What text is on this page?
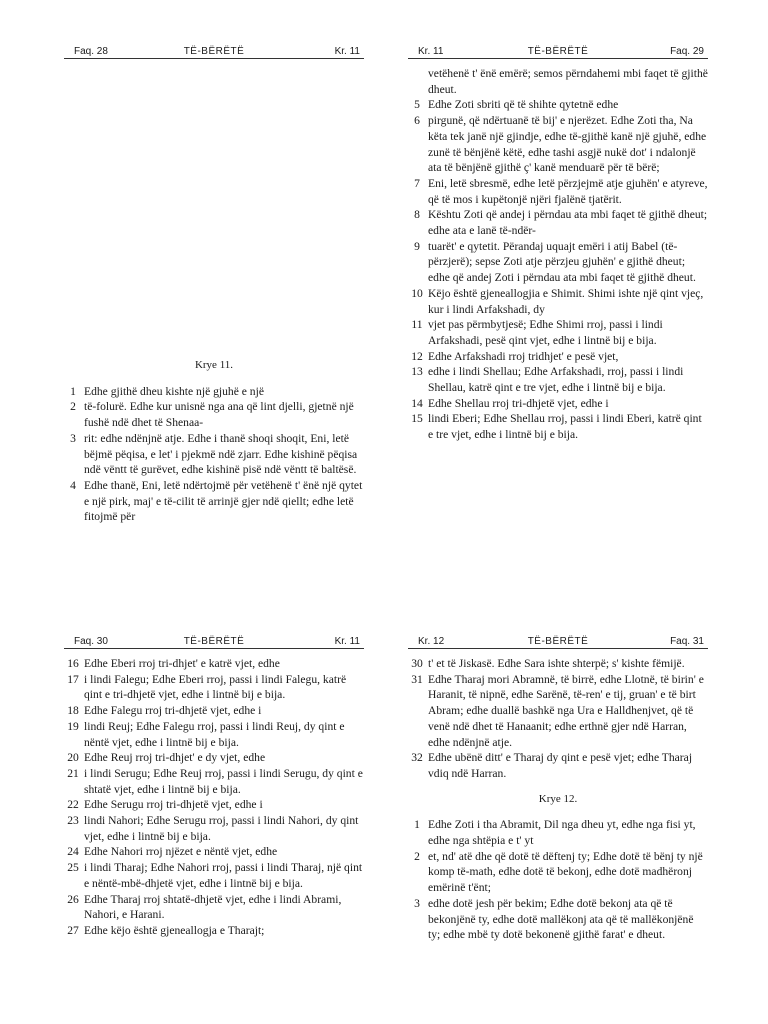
Faq. 28	TË-BËRËTË	Kr. 11
Krye 11.
1 Edhe gjithë dheu kishte një gjuhë e një
2 të-folurë. Edhe kur unisnë nga ana që lint djelli, gjetnë një fushë ndë dhet të Shenaa-
3 rit: edhe ndënjnë atje. Edhe i thanë shoqi shoqit, Eni, letë bëjmë pëqisa, e let' i pjekmë ndë zjarr. Edhe kishinë pëqisa ndë vëntt të gurëvet, edhe kishinë pisë ndë vëntt të baltësë.
4 Edhe thanë, Eni, letë ndërtojmë për vetëhenë t' ënë një qytet e një pirk, maj' e të-cilit të arrinjë gjer ndë qiellt; edhe letë fitojmë për
Kr. 11	TË-BËRËTË	Faq. 29
vetëhenë t' ënë emërë; semos përndahemi mbi faqet të gjithë dheut.
5 Edhe Zoti sbriti që të shihte qytetnë edhe
6 pirgunë, që ndërtuanë të bij' e njerëzet. Edhe Zoti tha, Na këta tek janë një gjindje, edhe të-gjithë kanë një gjuhë, edhe zunë të bënjënë këtë, edhe tashi asgjë nukë dot' i ndalonjë ata të bënjënë gjithë ç' kanë menduarë për të bërë;
7 Eni, letë sbresmë, edhe letë përzjejmë atje gjuhën' e atyreve, që të mos i kupëtonjë njëri fjalënë tjatërit.
8 Kështu Zoti që andej i përndau ata mbi faqet të gjithë dheut; edhe ata e lanë të-ndër-
9 tuarët' e qytetit. Përandaj uquajt emëri i atij Babel (të-përzjerë); sepse Zoti atje përzjeu gjuhën' e gjithë dheut; edhe që andej Zoti i përndau ata mbi faqet të gjithë dheut.
10 Këjo është gjeneallogjia e Shimit. Shimi ishte një qint vjeç, kur i lindi Arfakshadi, dy
11 vjet pas përmbytjesë; Edhe Shimi rroj, passi i lindi Arfakshadi, pesë qint vjet, edhe i lintnë bij e bija.
12 Edhe Arfakshadi rroj tridhjet' e pesë vjet,
13 edhe i lindi Shellau; Edhe Arfakshadi, rroj, passi i lindi Shellau, katrë qint e tre vjet, edhe i lintnë bij e bija.
14 Edhe Shellau rroj tri-dhjetë vjet, edhe i
15 lindi Eberi; Edhe Shellau rroj, passi i lindi Eberi, katrë qint e tre vjet, edhe i lintnë bij e bija.
Faq. 30	TË-BËRËTË	Kr. 11
16 Edhe Eberi rroj tri-dhjet' e katrë vjet, edhe
17 i lindi Falegu; Edhe Eberi rroj, passi i lindi Falegu, katrë qint e tri-dhjetë vjet, edhe i lintnë bij e bija.
18 Edhe Falegu rroj tri-dhjetë vjet, edhe i
19 lindi Reuj; Edhe Falegu rroj, passi i lindi Reuj, dy qint e nëntë vjet, edhe i lintnë bij e bija.
20 Edhe Reuj rroj tri-dhjet' e dy vjet, edhe
21 i lindi Serugu; Edhe Reuj rroj, passi i lindi Serugu, dy qint e shtatë vjet, edhe i lintnë bij e bija.
22 Edhe Serugu rroj tri-dhjetë vjet, edhe i
23 lindi Nahori; Edhe Serugu rroj, passi i lindi Nahori, dy qint vjet, edhe i lintnë bij e bija.
24 Edhe Nahori rroj njëzet e nëntë vjet, edhe
25 i lindi Tharaj; Edhe Nahori rroj, passi i lindi Tharaj, një qint e nëntë-mbë-dhjetë vjet, edhe i lintnë bij e bija.
26 Edhe Tharaj rroj shtatë-dhjetë vjet, edhe i lindi Abrami, Nahori, e Harani.
27 Edhe këjo është gjeneallogja e Tharajt;
Kr. 12	TË-BËRËTË	Faq. 31
30 t' et të Jiskasë. Edhe Sara ishte shterpë; s' kishte fëmijë.
31 Edhe Tharaj mori Abramnë, të birrë, edhe Llotnë, të birin' e Haranit, të nipnë, edhe Sarënë, të-ren' e tij, gruan' e të birt Abram; edhe duallë bashkë nga Ura e Halldhenjvet, që të venë ndë dhet të Hanaanit; edhe erthnë gjer ndë Harran, edhe ndënjnë atje.
32 Edhe ubënë ditt' e Tharaj dy qint e pesë vjet; edhe Tharaj vdiq ndë Harran.
Krye 12.
1 Edhe Zoti i tha Abramit, Dil nga dheu yt, edhe nga fisi yt, edhe nga shtëpia e t' yt
2 et, nd' atë dhe që dotë të dëftenj ty; Edhe dotë të bënj ty një komp të-math, edhe dotë të bekonj, edhe dotë madhëronj emërinë t'ënt;
3 edhe dotë jesh për bekim; Edhe dotë bekonj ata që të bekonjënë ty, edhe dotë mallëkonj ata që të mallëkonjënë ty; edhe mbë ty dotë bekonenë gjithë farat' e dheut.
